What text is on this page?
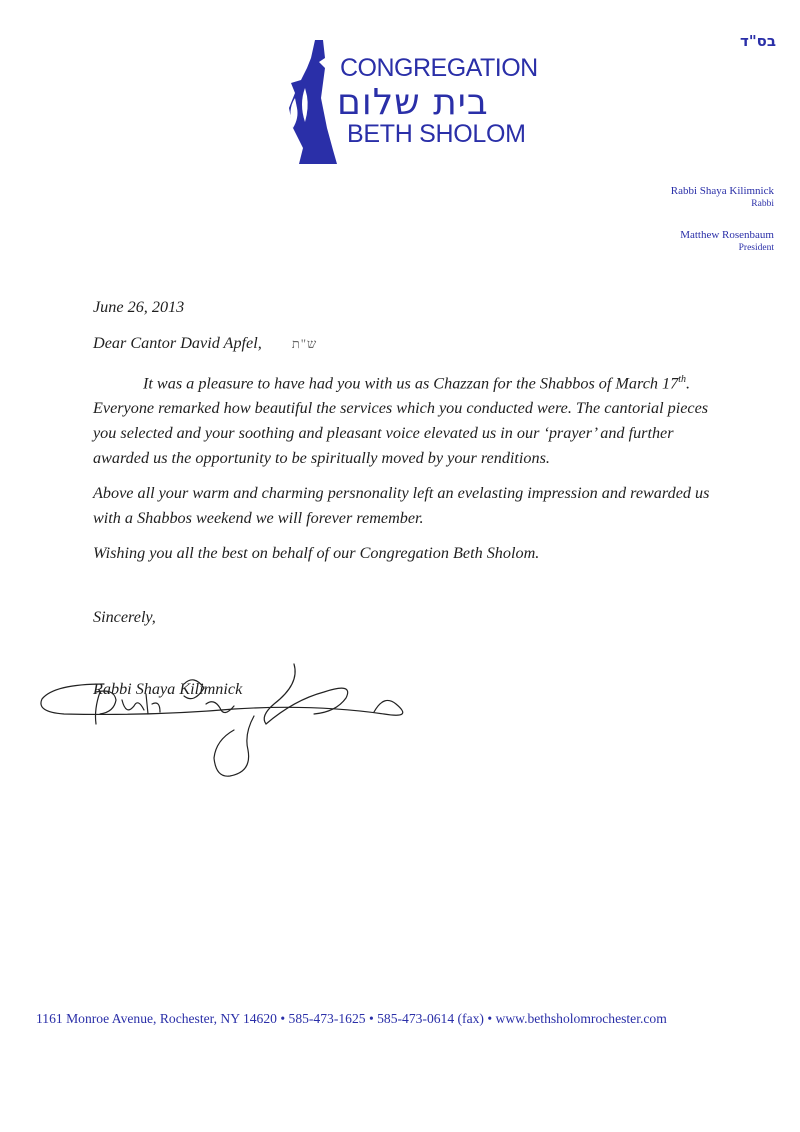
בס"ד
CONGREGATION
בית שלום
BETH SHOLOM
Rabbi Shaya Kilimnick
Rabbi
Matthew Rosenbaum
President

June 26, 2013

Dear Cantor David Apfel, ש"ת

It was a pleasure to have had you with us as Chazzan for the Shabbos of March 17th. Everyone remarked how beautiful the services which you conducted were. The cantorial pieces you selected and your soothing and pleasant voice elevated us in our ‘prayer’ and further awarded us the opportunity to be spiritually moved by your renditions.

Above all your warm and charming persnonality left an evelasting impression and rewarded us with a Shabbos weekend we will forever remember.

Wishing you all the best on behalf of our Congregation Beth Sholom.

Sincerely,

Rabbi Shaya Kilimnick

1161 Monroe Avenue, Rochester, NY 14620 • 585-473-1625 • 585-473-0614 (fax) • www.bethsholomrochester.com
